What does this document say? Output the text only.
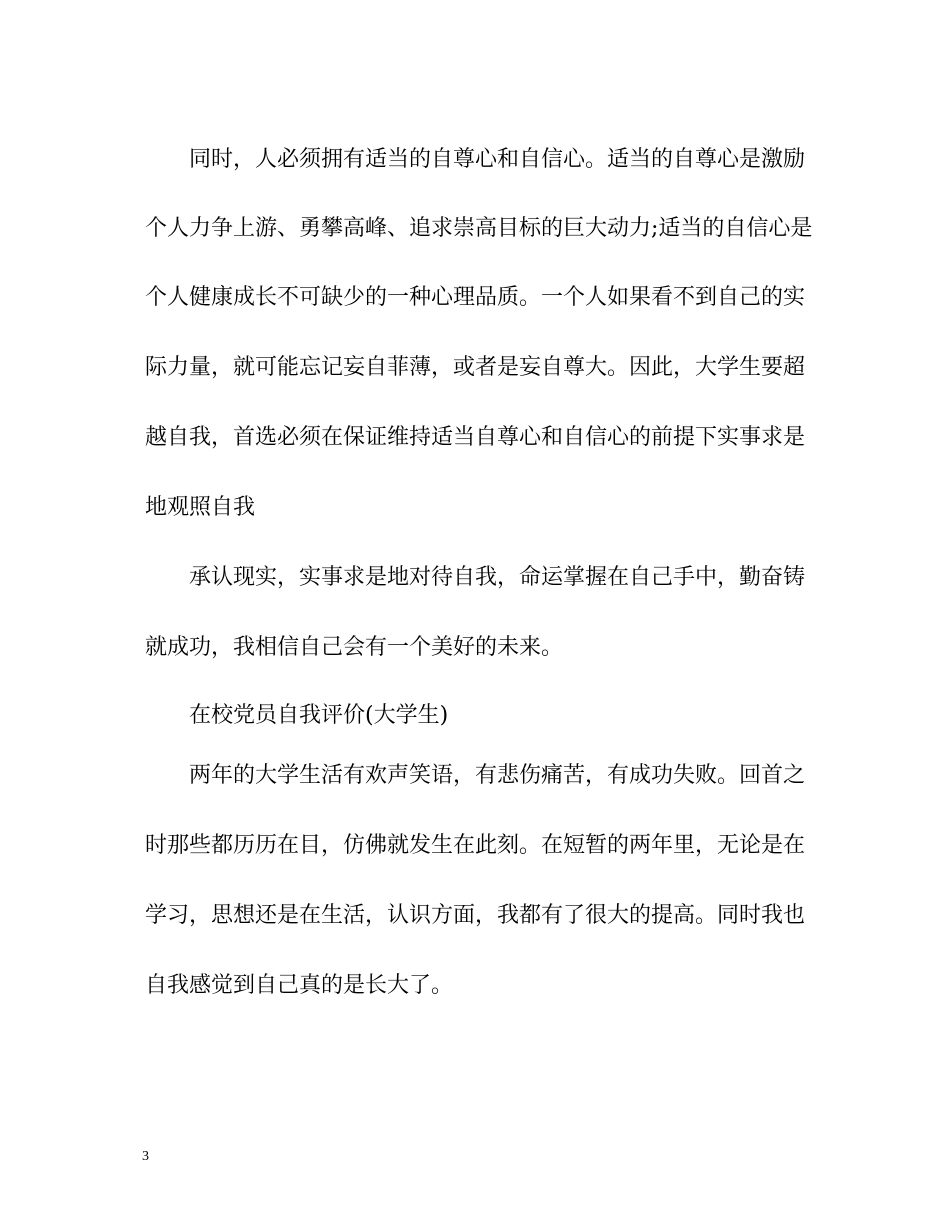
同时，人必须拥有适当的自尊心和自信心。适当的自尊心是激励
个人力争上游、勇攀高峰、追求崇高目标的巨大动力;适当的自信心是
个人健康成长不可缺少的一种心理品质。一个人如果看不到自己的实
际力量，就可能忘记妄自菲薄，或者是妄自尊大。因此，大学生要超
越自我，首选必须在保证维持适当自尊心和自信心的前提下实事求是
地观照自我
承认现实，实事求是地对待自我，命运掌握在自己手中，勤奋铸
就成功，我相信自己会有一个美好的未来。
在校党员自我评价(大学生)
两年的大学生活有欢声笑语，有悲伤痛苦，有成功失败。回首之
时那些都历历在目，仿佛就发生在此刻。在短暂的两年里，无论是在
学习，思想还是在生活，认识方面，我都有了很大的提高。同时我也
自我感觉到自己真的是长大了。
3
